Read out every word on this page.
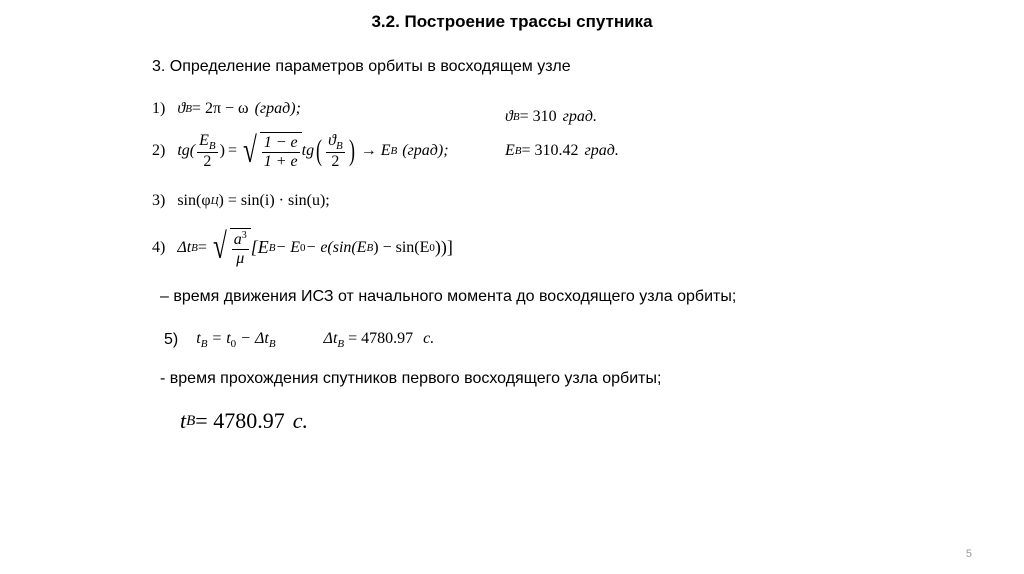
3.2. Построение трассы спутника
3. Определение параметров орбиты в восходящем узле
1) ϑ B = 2π − ω (град);
2) $tg( \frac{E_B}{2}$ ) = √ $\frac{1 - e}{1 + e}$ tg ( $\frac{ϑ_B}{2}$ ) → E B (град);
3) sin(φ Ц ) = sin(i) · sin(u);
4) Δt B = √ $\frac{a^3}{\mu} [E$ B − E 0 − e(sin(E B ) − sin(E 0 ))]
ϑ B = 310 град.
E B = 310.42 град.
– время движения ИСЗ от начального момента до восходящего узла орбиты;
5) $t_B = t_0 - \Delta t_B$	$\Delta t_B = 4780.97$ с.
- время прохождения спутников первого восходящего узла орбиты;
t B = 4780.97 с.
5
